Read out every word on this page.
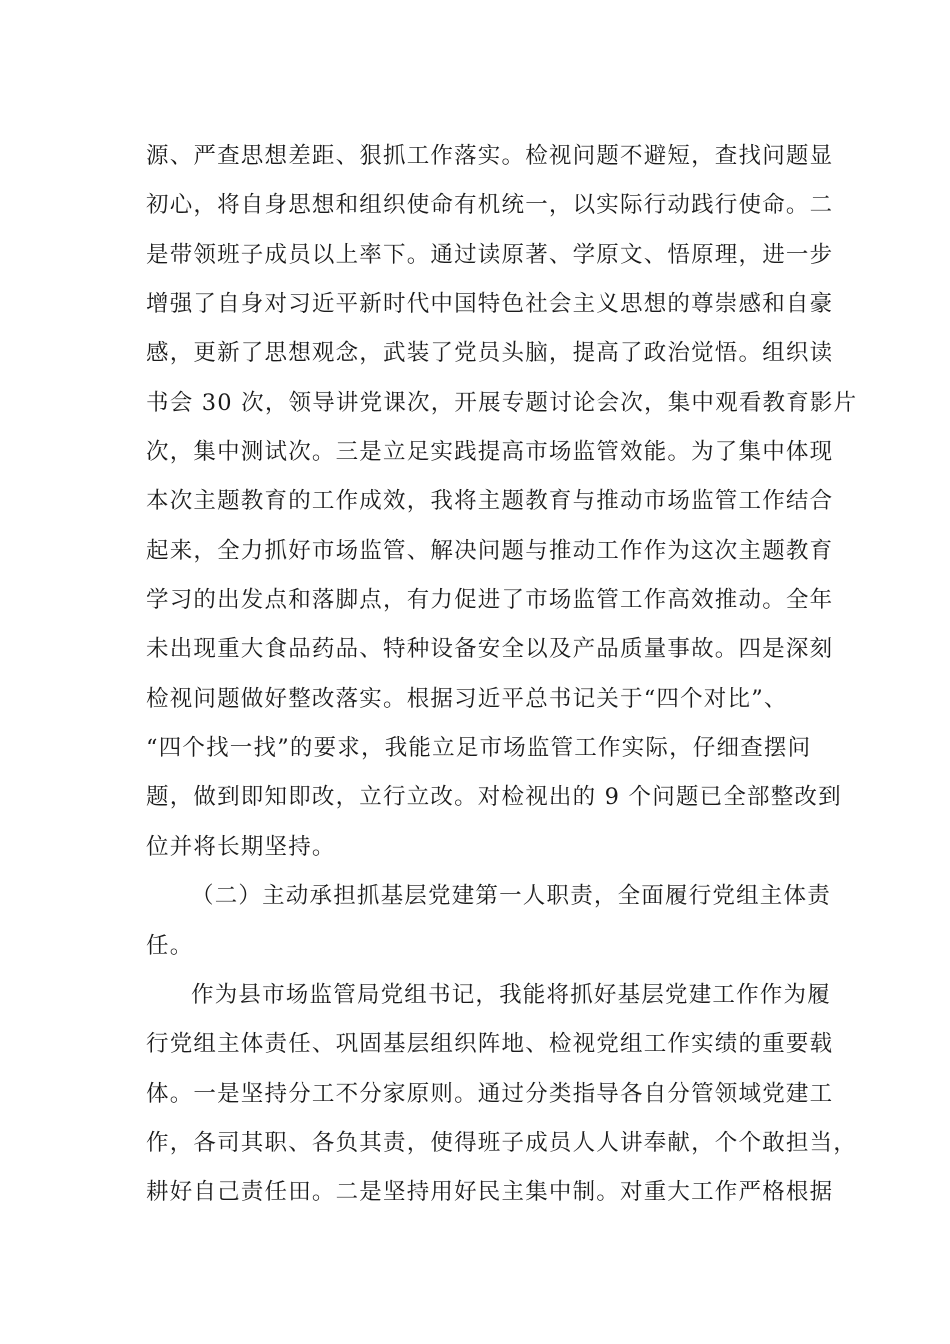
源、严查思想差距、狠抓工作落实。检视问题不避短，查找问题显
初心，将自身思想和组织使命有机统一，以实际行动践行使命。二
是带领班子成员以上率下。通过读原著、学原文、悟原理，进一步
增强了自身对习近平新时代中国特色社会主义思想的尊崇感和自豪
感，更新了思想观念，武装了党员头脑，提高了政治觉悟。组织读
书会 30 次，领导讲党课次，开展专题讨论会次，集中观看教育影片
次，集中测试次。三是立足实践提高市场监管效能。为了集中体现
本次主题教育的工作成效，我将主题教育与推动市场监管工作结合
起来，全力抓好市场监管、解决问题与推动工作作为这次主题教育
学习的出发点和落脚点，有力促进了市场监管工作高效推动。全年
未出现重大食品药品、特种设备安全以及产品质量事故。四是深刻
检视问题做好整改落实。根据习近平总书记关于“四个对比”、
“四个找一找”的要求，我能立足市场监管工作实际，仔细查摆问
题，做到即知即改，立行立改。对检视出的 9 个问题已全部整改到
位并将长期坚持。
（二）主动承担抓基层党建第一人职责，全面履行党组主体责
任。
作为县市场监管局党组书记，我能将抓好基层党建工作作为履
行党组主体责任、巩固基层组织阵地、检视党组工作实绩的重要载
体。一是坚持分工不分家原则。通过分类指导各自分管领域党建工
作，各司其职、各负其责，使得班子成员人人讲奉献，个个敢担当，
耕好自己责任田。二是坚持用好民主集中制。对重大工作严格根据
